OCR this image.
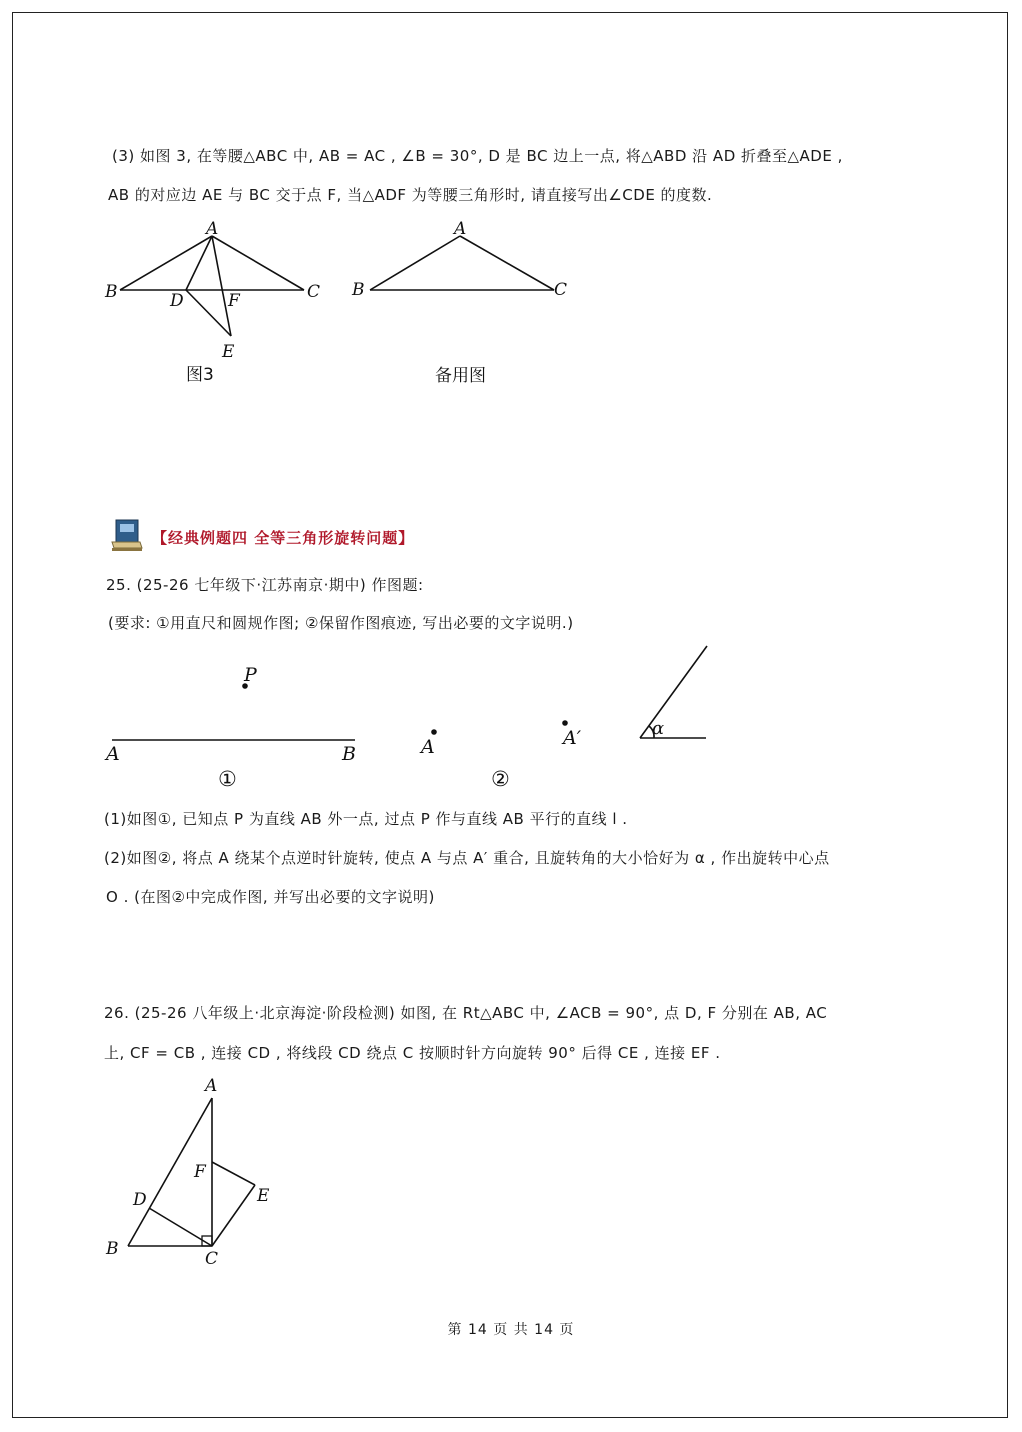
(3) 如图 3, 在等腰△ABC 中, AB = AC , ∠B = 30°, D 是 BC 边上一点, 将△ABD 沿 AD 折叠至△ADE ,
AB 的对应边 AE 与 BC 交于点 F, 当△ADF 为等腰三角形时, 请直接写出∠CDE 的度数.
【经典例题四 全等三角形旋转问题】
25. (25-26 七年级下·江苏南京·期中) 作图题:
(要求: ①用直尺和圆规作图; ②保留作图痕迹, 写出必要的文字说明.)
(1)如图①, 已知点 P 为直线 AB 外一点, 过点 P 作与直线 AB 平行的直线 l .
(2)如图②, 将点 A 绕某个点逆时针旋转, 使点 A 与点 A′ 重合, 且旋转角的大小恰好为 α , 作出旋转中心点
O . (在图②中完成作图, 并写出必要的文字说明)
26. (25-26 八年级上·北京海淀·阶段检测) 如图, 在 Rt△ABC 中, ∠ACB = 90°, 点 D, F 分别在 AB, AC
上, CF = CB , 连接 CD , 将线段 CD 绕点 C 按顺时针方向旋转 90° 后得 CE , 连接 EF .
A
B	C
D	F
E
图3
A
B	C
备用图
P
A	B
①
A	A′	α
②
A
B	C
D	E
F
第 14 页 共 14 页
